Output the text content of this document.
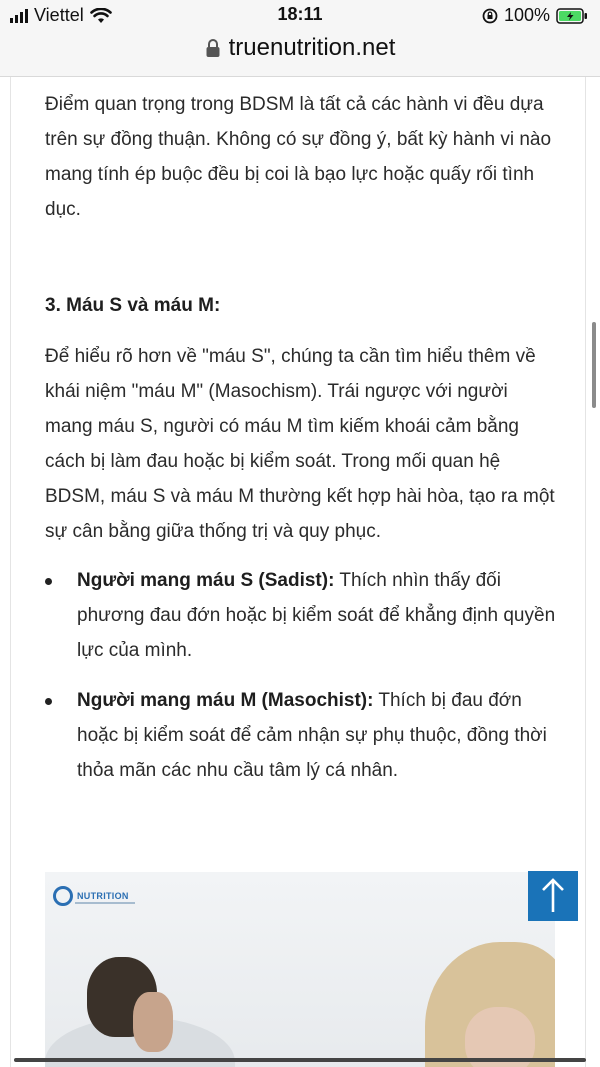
Viettel	18:11	100%
truenutrition.net

Điểm quan trọng trong BDSM là tất cả các hành vi đều dựa trên sự đồng thuận. Không có sự đồng ý, bất kỳ hành vi nào mang tính ép buộc đều bị coi là bạo lực hoặc quấy rối tình dục.

3. Máu S và máu M:

Để hiểu rõ hơn về "máu S", chúng ta cần tìm hiểu thêm về khái niệm "máu M" (Masochism). Trái ngược với người mang máu S, người có máu M tìm kiếm khoái cảm bằng cách bị làm đau hoặc bị kiểm soát. Trong mối quan hệ BDSM, máu S và máu M thường kết hợp hài hòa, tạo ra một sự cân bằng giữa thống trị và quy phục.

Người mang máu S (Sadist): Thích nhìn thấy đối phương đau đớn hoặc bị kiểm soát để khẳng định quyền lực của mình.
Người mang máu M (Masochist): Thích bị đau đớn hoặc bị kiểm soát để cảm nhận sự phụ thuộc, đồng thời thỏa mãn các nhu cầu tâm lý cá nhân.
NUTRITION
